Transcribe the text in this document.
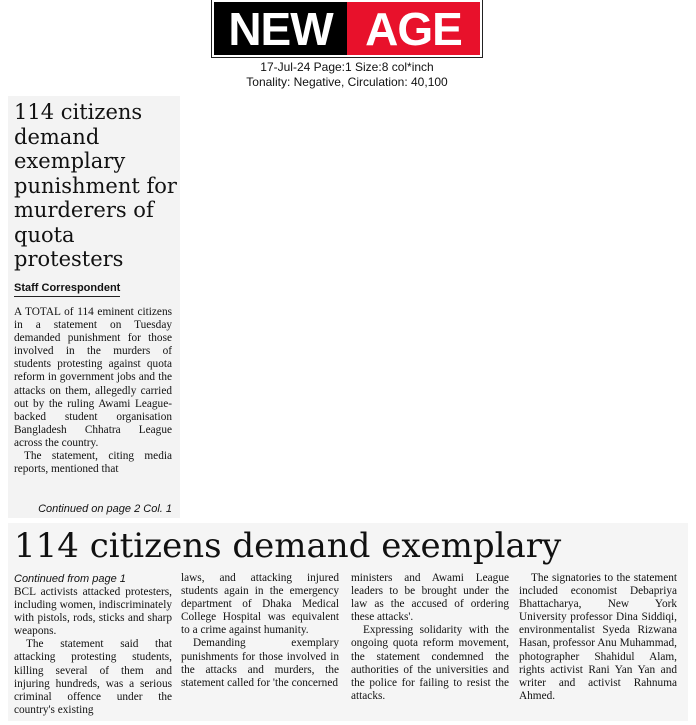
NEW AGE
17-Jul-24 Page:1 Size:8 col*inch
Tonality: Negative, Circulation: 40,100
114 citizens demand exemplary punishment for murderers of quota protesters
Staff Correspondent

A TOTAL of 114 eminent citizens in a statement on Tuesday demanded punishment for those involved in the murders of students protesting against quota reform in government jobs and the attacks on them, allegedly carried out by the ruling Awami League-backed student organisation Bangladesh Chhatra League across the country.

The statement, citing media reports, mentioned that

Continued on page 2 Col. 1
114 citizens demand exemplary
Continued from page 1

BCL activists attacked protesters, including women, indiscriminately with pistols, rods, sticks and sharp weapons.

The statement said that attacking protesting students, killing several of them and injuring hundreds, was a serious criminal offence under the country's existing

laws, and attacking injured students again in the emergency department of Dhaka Medical College Hospital was equivalent to a crime against humanity.

Demanding exemplary punishments for those involved in the attacks and murders, the statement called for 'the concerned

ministers and Awami League leaders to be brought under the law as the accused of ordering these attacks'.

Expressing solidarity with the ongoing quota reform movement, the statement condemned the authorities of the universities and the police for failing to resist the attacks.

The signatories to the statement included economist Debapriya Bhattacharya, New York University professor Dina Siddiqi, environmentalist Syeda Rizwana Hasan, professor Anu Muhammad, photographer Shahidul Alam, rights activist Rani Yan Yan and writer and activist Rahnuma Ahmed.
